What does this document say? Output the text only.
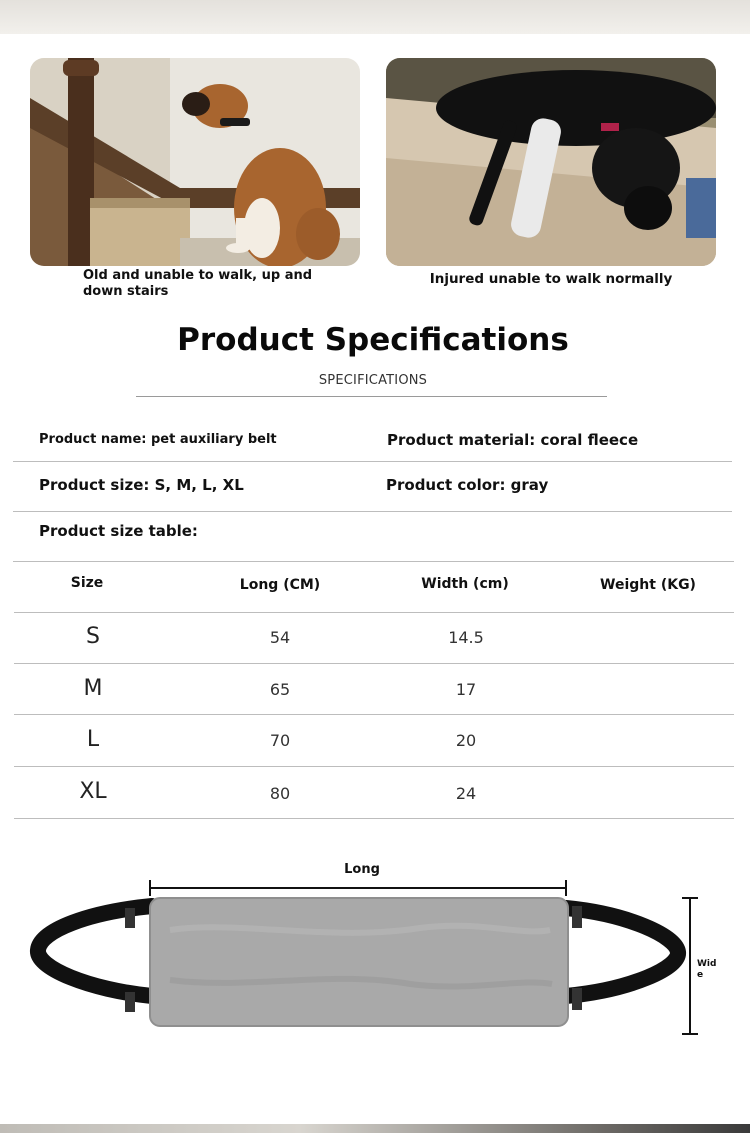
Old and unable to walk, up and down stairs
Injured unable to walk normally
Product Specifications
SPECIFICATIONS
Product name: pet auxiliary belt	Product material: coral fleece
Product size: S, M, L, XL	Product color: gray
Product size table:
Size	Long (CM)	Width (cm)	Weight (KG)
S	54	14.5
M	65	17
L	70	20
XL	80	24
Long
Wide
